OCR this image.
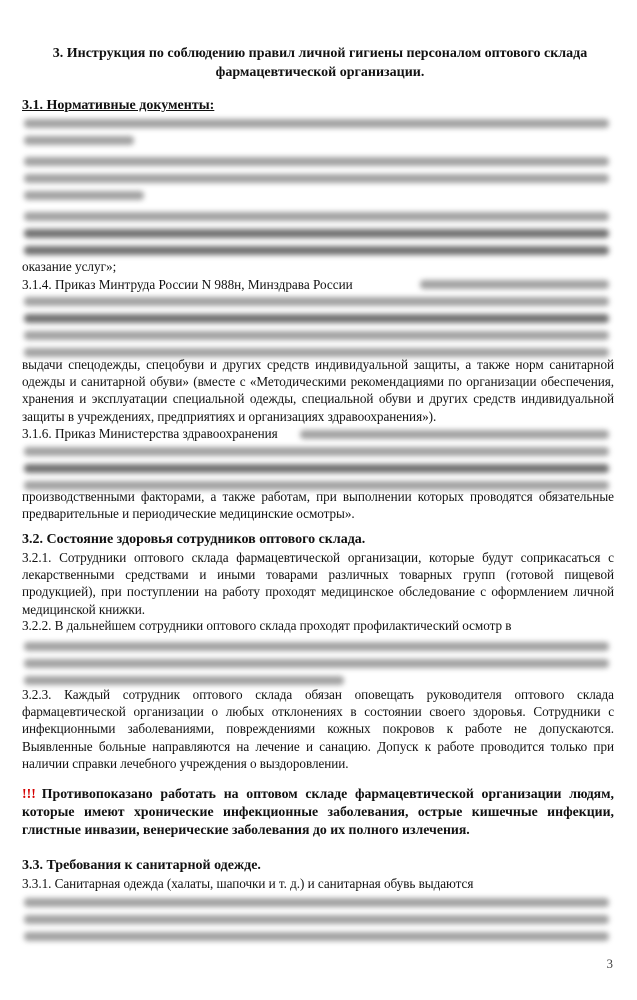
3. Инструкция по соблюдению правил личной гигиены персоналом оптового склада фармацевтической организации.
3.1. Нормативные документы:
оказание услуг»;
3.1.4. Приказ Минтруда России N 988н, Минздрава России
выдачи спецодежды, спецобуви и других средств индивидуальной защиты, а также норм санитарной одежды и санитарной обуви» (вместе с «Методическими рекомендациями по организации обеспечения, хранения и эксплуатации специальной одежды, специальной обуви и других средств индивидуальной защиты в учреждениях, предприятиях и организациях здравоохранения»).
3.1.6. Приказ Министерства здравоохранения
производственными факторами, а также работам, при выполнении которых проводятся обязательные предварительные и периодические медицинские осмотры».
3.2. Состояние здоровья сотрудников оптового склада.
3.2.1. Сотрудники оптового склада фармацевтической организации, которые будут соприкасаться с лекарственными средствами и иными товарами различных товарных групп (готовой пищевой продукцией), при поступлении на работу проходят медицинское обследование с оформлением личной медицинской книжки.
3.2.2. В дальнейшем сотрудники оптового склада проходят профилактический осмотр в
3.2.3. Каждый сотрудник оптового склада обязан оповещать руководителя оптового склада фармацевтической организации о любых отклонениях в состоянии своего здоровья. Сотрудники с инфекционными заболеваниями, повреждениями кожных покровов к работе не допускаются. Выявленные больные направляются на лечение и санацию. Допуск к работе проводится только при наличии справки лечебного учреждения о выздоровлении.
!!! Противопоказано работать на оптовом складе фармацевтической организации людям, которые имеют хронические инфекционные заболевания, острые кишечные инфекции, глистные инвазии, венерические заболевания до их полного излечения.
3.3. Требования к санитарной одежде.
3.3.1. Санитарная одежда (халаты, шапочки и т. д.) и санитарная обувь выдаются
3
